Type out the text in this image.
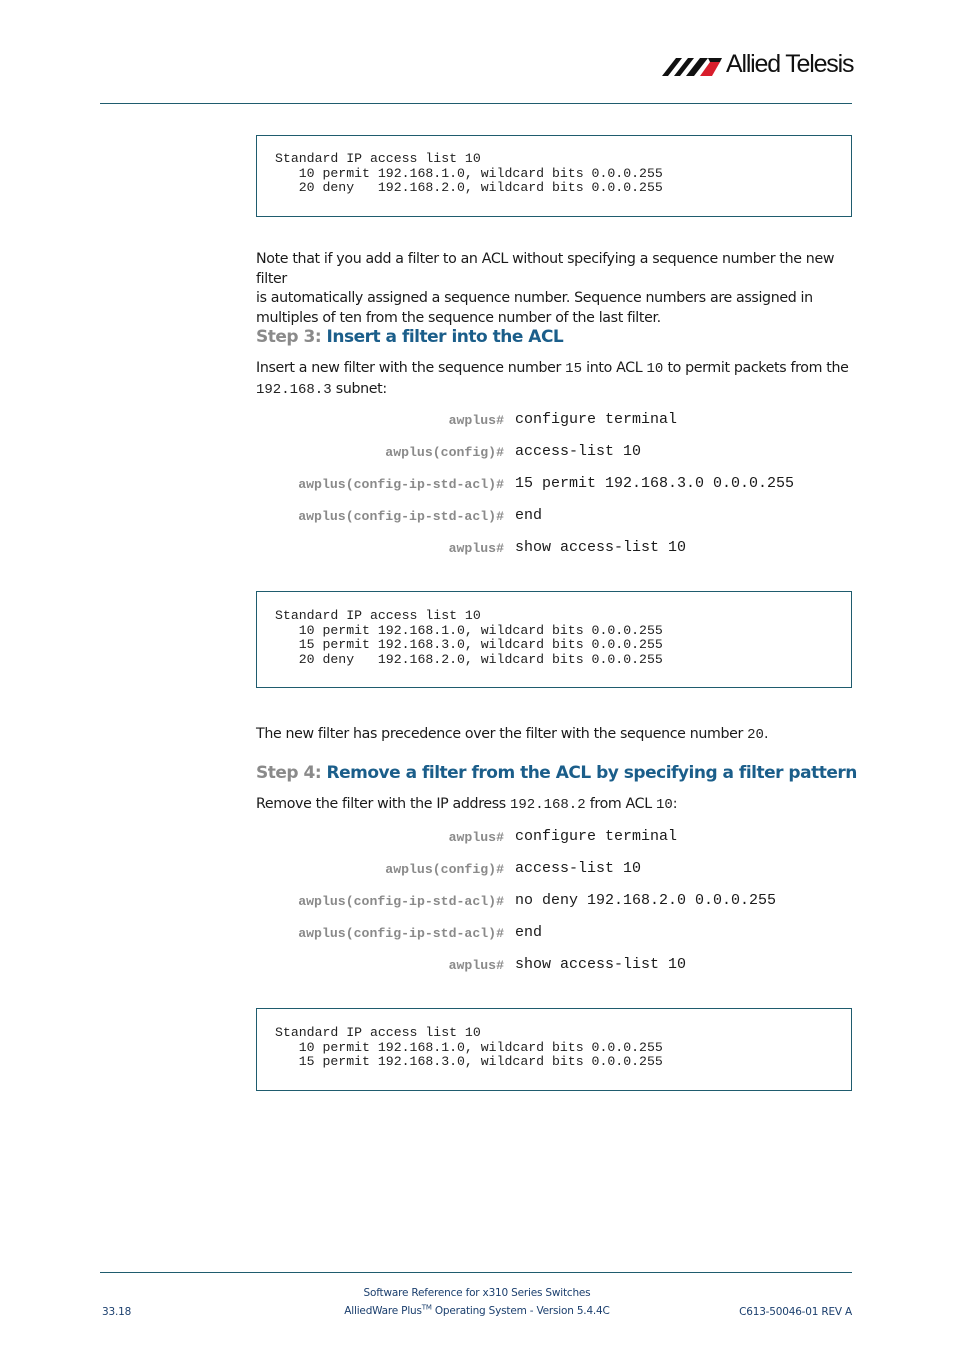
Allied Telesis
Standard IP access list 10
10 permit 192.168.1.0, wildcard bits 0.0.0.255
20 deny   192.168.2.0, wildcard bits 0.0.0.255
Note that if you add a filter to an ACL without specifying a sequence number the new filter
is automatically assigned a sequence number. Sequence numbers are assigned in
multiples of ten from the sequence number of the last filter.
Step 3: Insert a filter into the ACL
Insert a new filter with the sequence number 15 into ACL 10 to permit packets from the
192.168.3 subnet:
awplus# configure terminal
awplus(config)# access-list 10
awplus(config-ip-std-acl)# 15 permit 192.168.3.0 0.0.0.255
awplus(config-ip-std-acl)# end
awplus# show access-list 10
Standard IP access list 10
10 permit 192.168.1.0, wildcard bits 0.0.0.255
15 permit 192.168.3.0, wildcard bits 0.0.0.255
20 deny   192.168.2.0, wildcard bits 0.0.0.255
The new filter has precedence over the filter with the sequence number 20.
Step 4: Remove a filter from the ACL by specifying a filter pattern
Remove the filter with the IP address 192.168.2 from ACL 10:
awplus# configure terminal
awplus(config)# access-list 10
awplus(config-ip-std-acl)# no deny 192.168.2.0 0.0.0.255
awplus(config-ip-std-acl)# end
awplus# show access-list 10
Standard IP access list 10
10 permit 192.168.1.0, wildcard bits 0.0.0.255
15 permit 192.168.3.0, wildcard bits 0.0.0.255
Software Reference for x310 Series Switches
AlliedWare Plus™ Operating System - Version 5.4.4C
33.18	C613-50046-01 REV A
